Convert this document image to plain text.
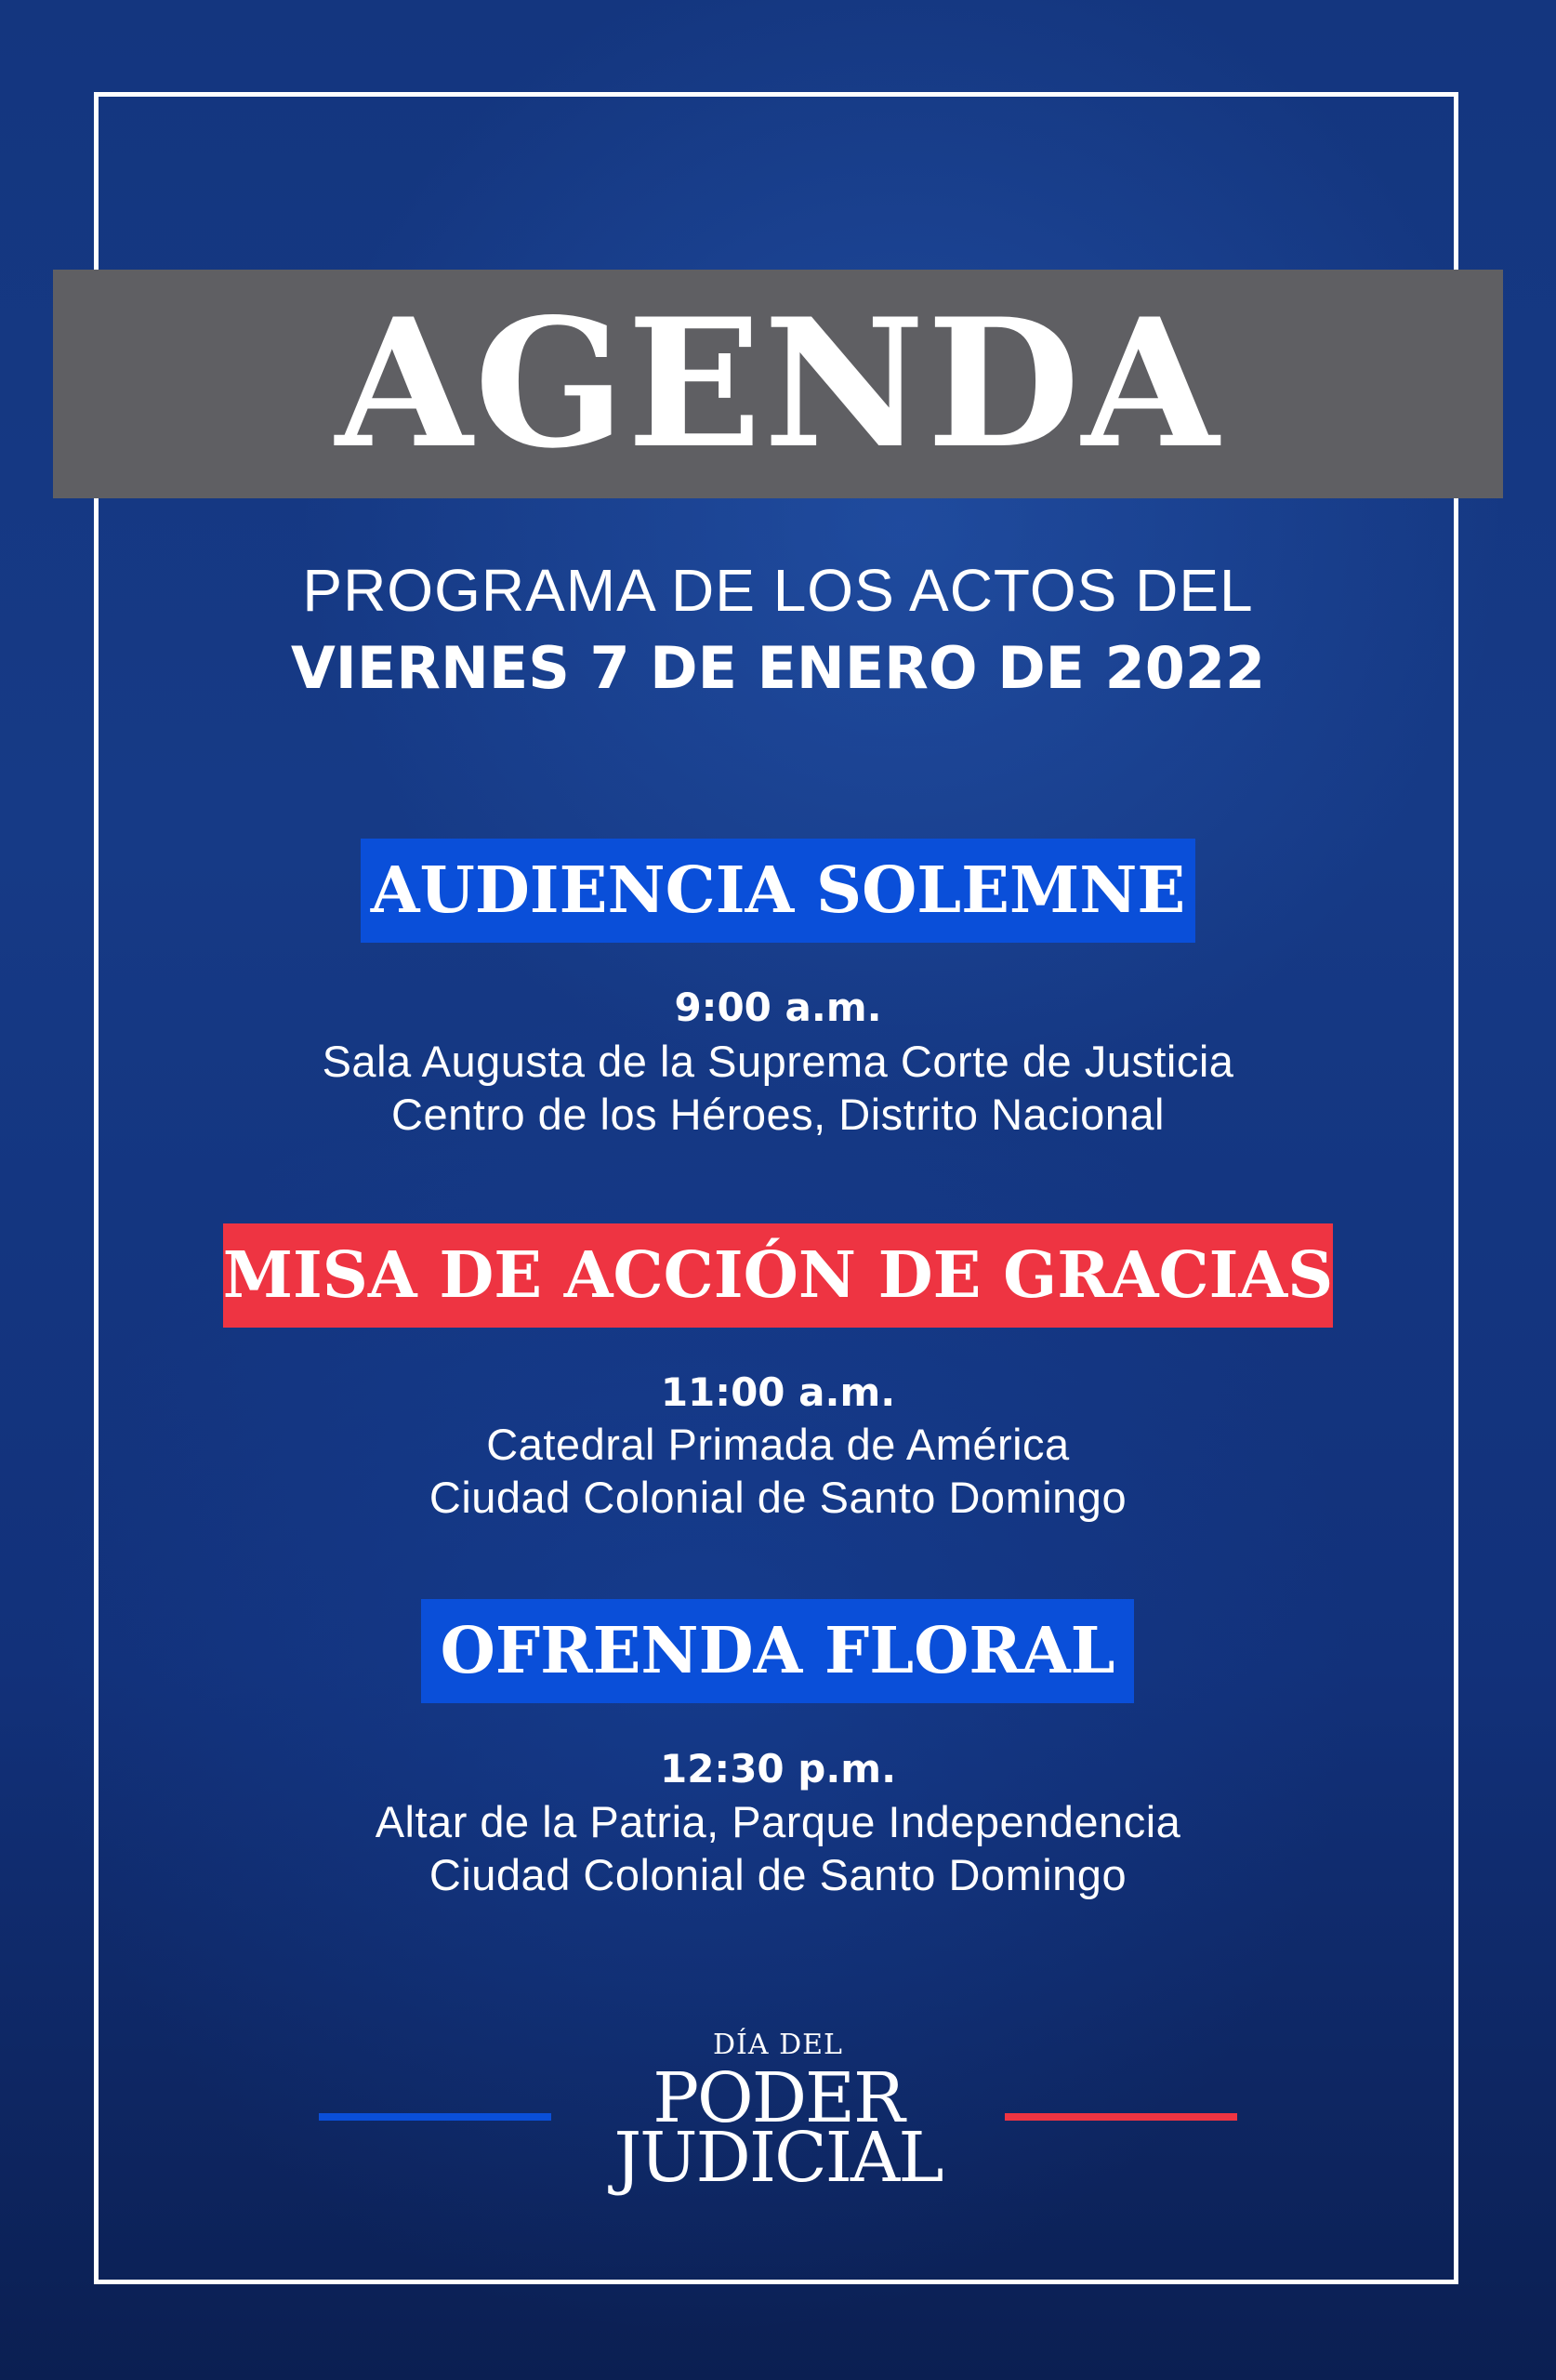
AGENDA
PROGRAMA DE LOS ACTOS DEL
VIERNES 7 DE ENERO DE 2022
AUDIENCIA SOLEMNE
9:00 a.m.
Sala Augusta de la Suprema Corte de Justicia
Centro de los Héroes, Distrito Nacional
MISA DE ACCIÓN DE GRACIAS
11:00 a.m.
Catedral Primada de América
Ciudad Colonial de Santo Domingo
OFRENDA FLORAL
12:30 p.m.
Altar de la Patria, Parque Independencia
Ciudad Colonial de Santo Domingo
DÍA DEL
PODER
JUDICIAL
